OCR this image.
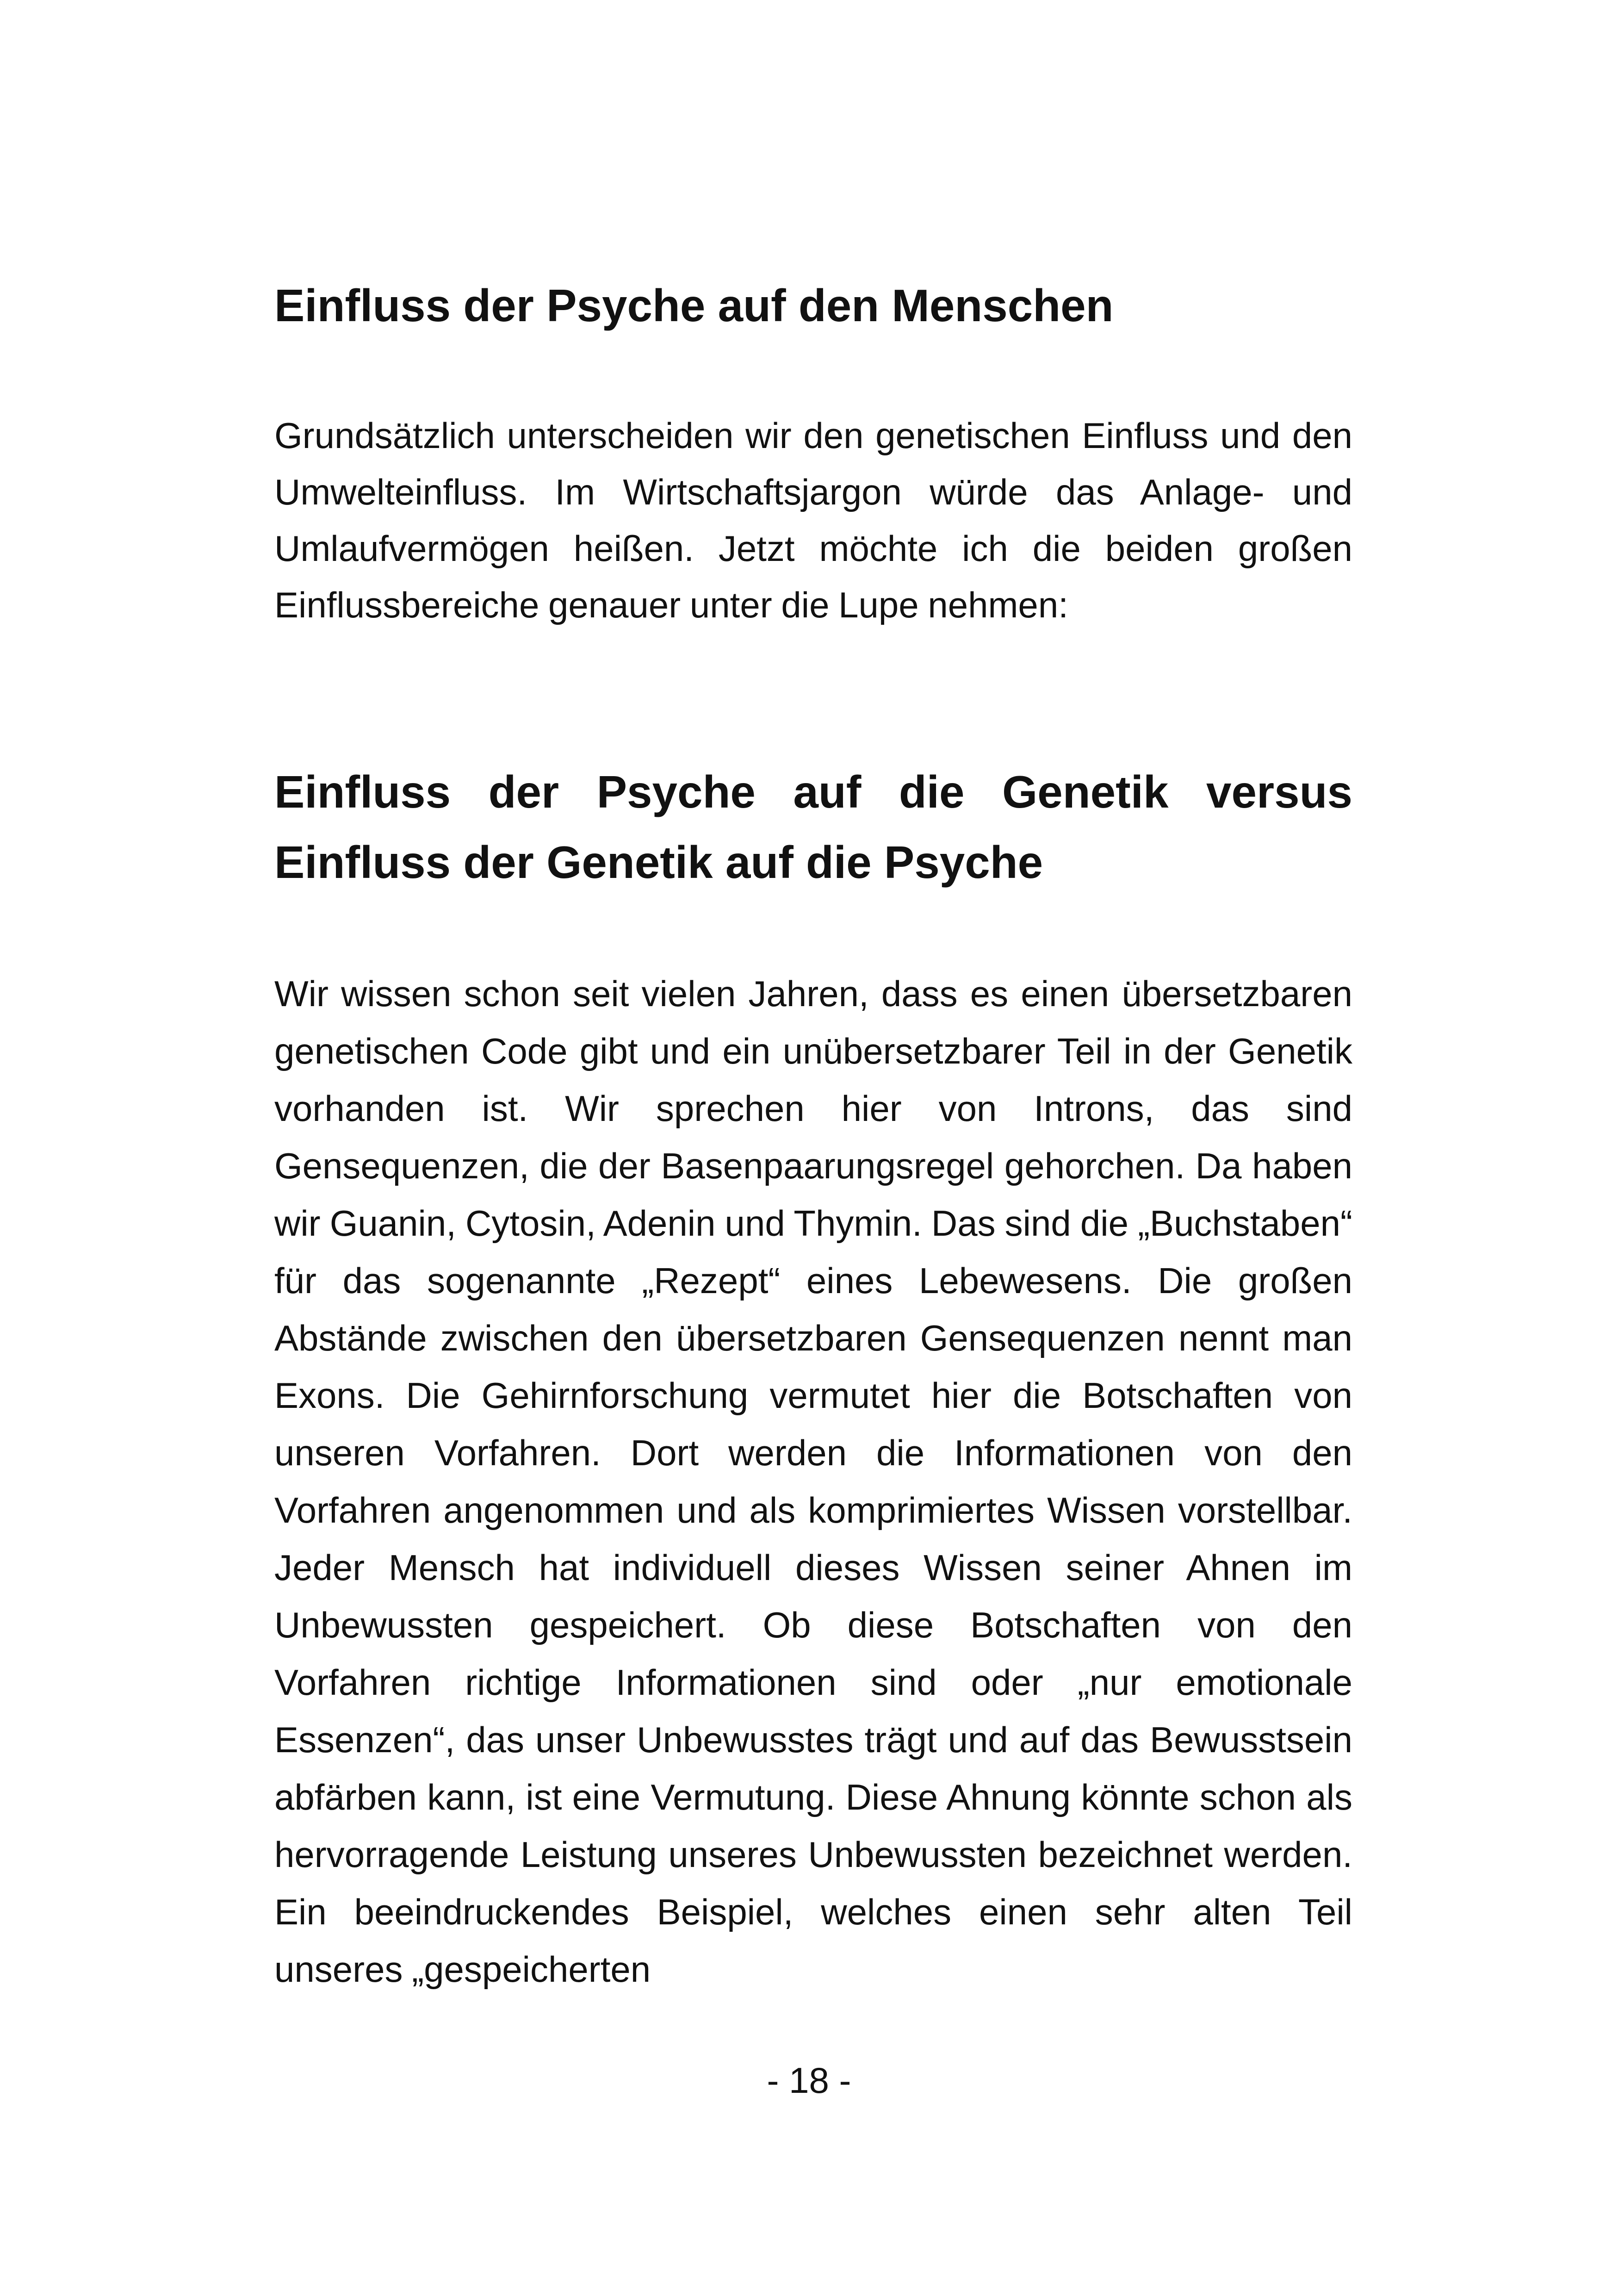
Einfluss der Psyche auf den Menschen
Grundsätzlich unterscheiden wir den genetischen Einfluss und den Umwelteinfluss. Im Wirtschaftsjargon würde das Anlage- und Umlaufvermögen heißen. Jetzt möchte ich die beiden großen Einflussbereiche genauer unter die Lupe nehmen:
Einfluss der Psyche auf die Genetik versus Einfluss der Genetik auf die Psyche
Wir wissen schon seit vielen Jahren, dass es einen übersetzbaren genetischen Code gibt und ein unübersetzbarer Teil in der Genetik vorhanden ist. Wir sprechen hier von Introns, das sind Gensequenzen, die der Basenpaarungsregel gehorchen. Da haben wir Guanin, Cytosin, Adenin und Thymin. Das sind die „Buchstaben“ für das sogenannte „Rezept“ eines Lebewesens. Die großen Abstände zwischen den übersetzbaren Gensequenzen nennt man Exons. Die Gehirnforschung vermutet hier die Botschaften von unseren Vorfahren. Dort werden die Informationen von den Vorfahren angenommen und als komprimiertes Wissen vorstellbar. Jeder Mensch hat individuell dieses Wissen seiner Ahnen im Unbewussten gespeichert. Ob diese Botschaften von den Vorfahren richtige Informationen sind oder „nur emotionale Essenzen“, das unser Unbewusstes trägt und auf das Bewusstsein abfärben kann, ist eine Vermutung. Diese Ahnung könnte schon als hervorragende Leistung unseres Unbewussten bezeichnet werden. Ein beeindruckendes Beispiel, welches einen sehr alten Teil unseres „gespeicherten
- 18 -
